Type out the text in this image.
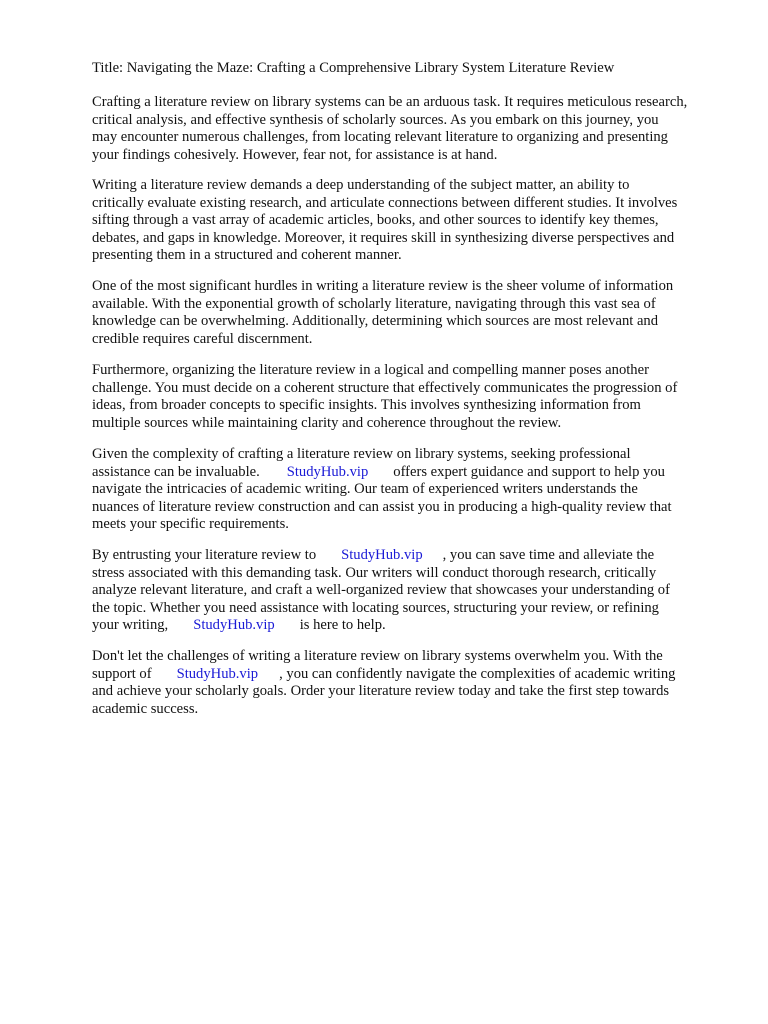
Title: Navigating the Maze: Crafting a Comprehensive Library System Literature Review

Crafting a literature review on library systems can be an arduous task. It requires meticulous research,
critical analysis, and effective synthesis of scholarly sources. As you embark on this journey, you
may encounter numerous challenges, from locating relevant literature to organizing and presenting
your findings cohesively. However, fear not, for assistance is at hand.
Writing a literature review demands a deep understanding of the subject matter, an ability to
critically evaluate existing research, and articulate connections between different studies. It involves
sifting through a vast array of academic articles, books, and other sources to identify key themes,
debates, and gaps in knowledge. Moreover, it requires skill in synthesizing diverse perspectives and
presenting them in a structured and coherent manner.
One of the most significant hurdles in writing a literature review is the sheer volume of information
available. With the exponential growth of scholarly literature, navigating through this vast sea of
knowledge can be overwhelming. Additionally, determining which sources are most relevant and
credible requires careful discernment.
Furthermore, organizing the literature review in a logical and compelling manner poses another
challenge. You must decide on a coherent structure that effectively communicates the progression of
ideas, from broader concepts to specific insights. This involves synthesizing information from
multiple sources while maintaining clarity and coherence throughout the review.
Given the complexity of crafting a literature review on library systems, seeking professional
assistance can be invaluable. StudyHub.vip offers expert guidance and support to help you
navigate the intricacies of academic writing. Our team of experienced writers understands the
nuances of literature review construction and can assist you in producing a high-quality review that
meets your specific requirements.
By entrusting your literature review to StudyHub.vip , you can save time and alleviate the
stress associated with this demanding task. Our writers will conduct thorough research, critically
analyze relevant literature, and craft a well-organized review that showcases your understanding of
the topic. Whether you need assistance with locating sources, structuring your review, or refining
your writing, StudyHub.vip is here to help.
Don't let the challenges of writing a literature review on library systems overwhelm you. With the
support of StudyHub.vip , you can confidently navigate the complexities of academic writing
and achieve your scholarly goals. Order your literature review today and take the first step towards
academic success.
